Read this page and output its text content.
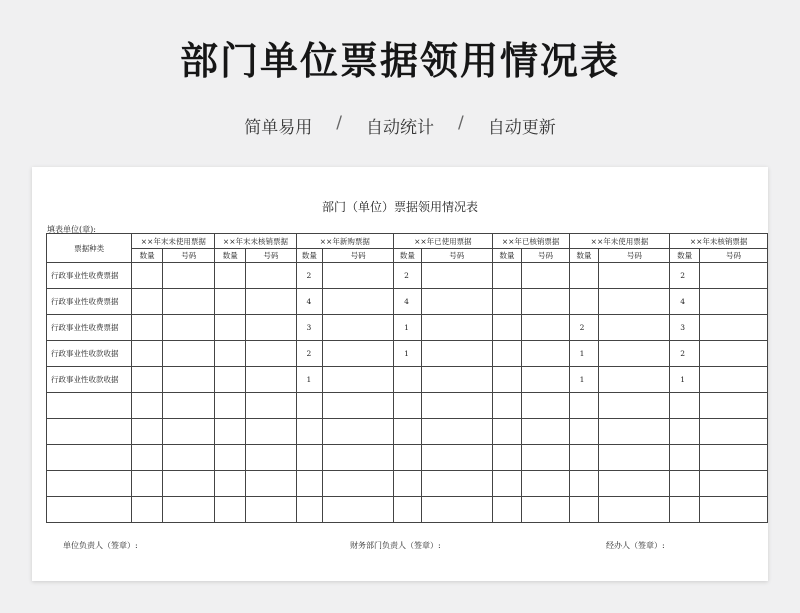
部门单位票据领用情况表
简单易用 / 自动统计 / 自动更新
部门（单位）票据领用情况表
填表单位(章):
票据种类	××年末未使用票据		××年末未核销票据		××年新购票据		××年已使用票据		××年已核销票据		××年未使用票据		××年未核销票据	
	数量	号码	数量	号码	数量	号码	数量	号码	数量	号码	数量	号码	数量	号码
行政事业性收费票据					2		2						2	
行政事业性收费票据					4		4						4	
行政事业性收费票据					3		1				2		3	
行政事业性收款收据					2		1				1		2	
行政事业性收款收据					1						1		1	

单位负责人（签章）:	财务部门负责人（签章）:	经办人（签章）:
